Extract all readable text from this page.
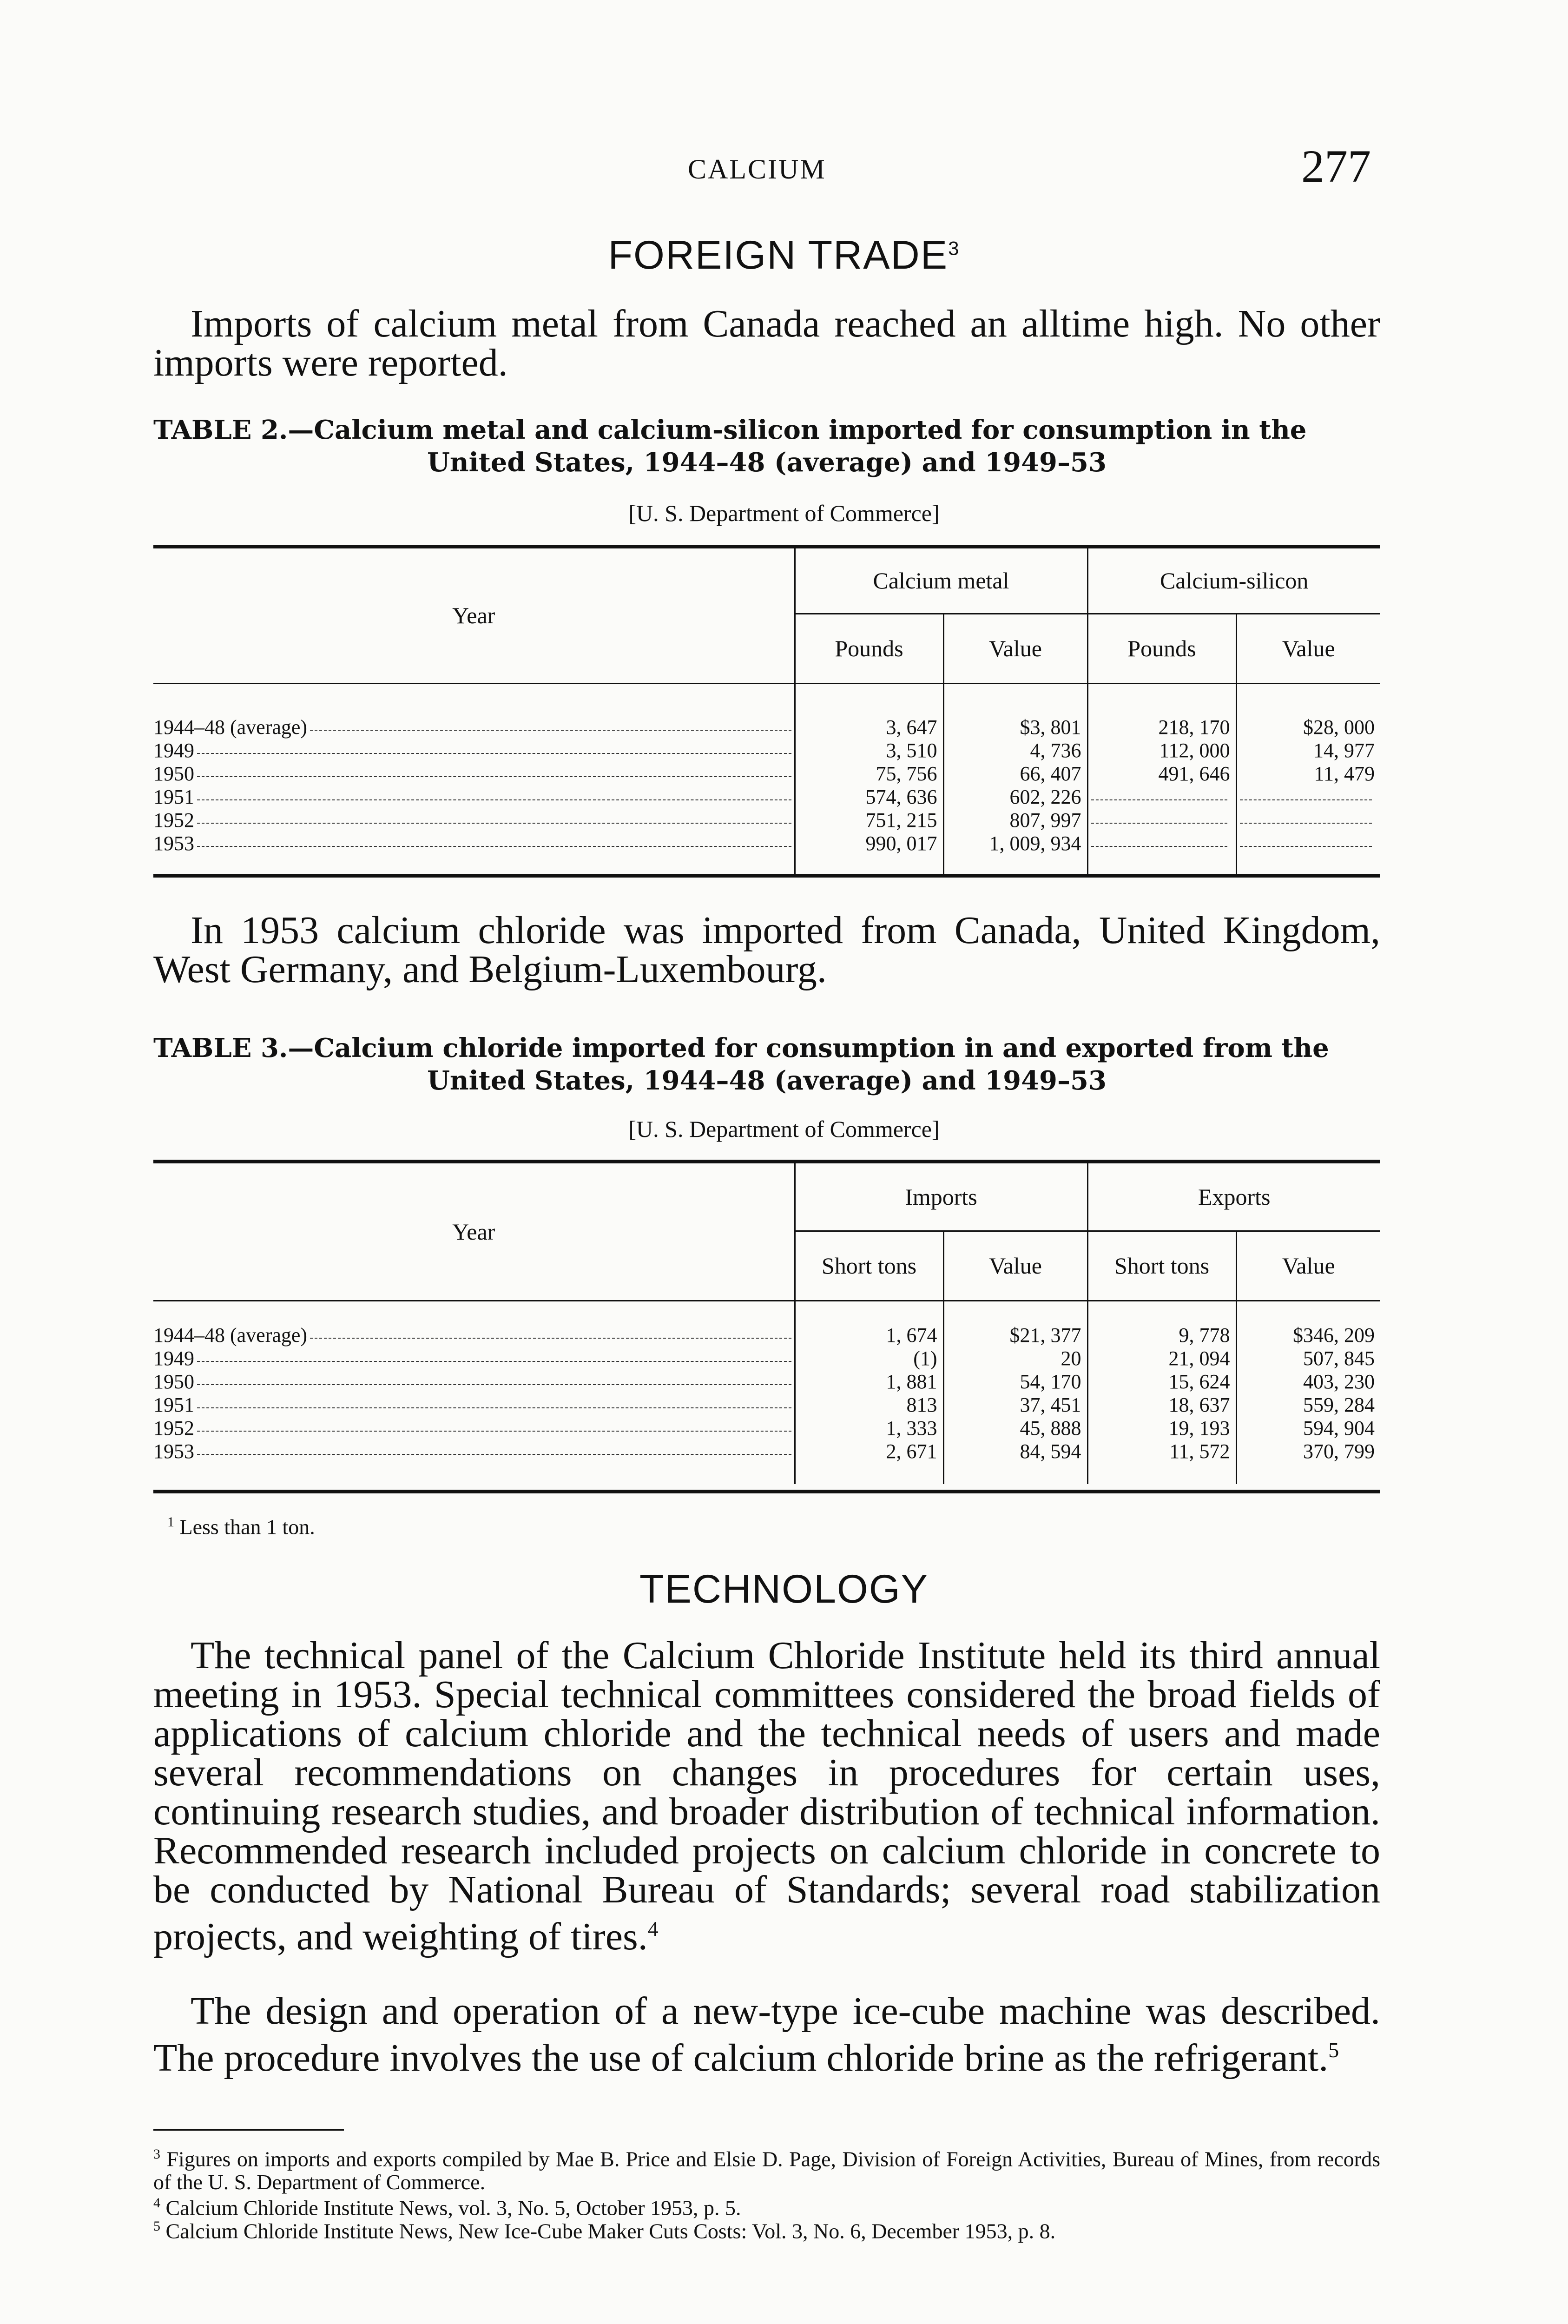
CALCIUM	277
FOREIGN TRADE$^3$
Imports of calcium metal from Canada reached an alltime high. No other imports were reported.
TABLE 2.—Calcium metal and calcium-silicon imported for consumption in the
United States, 1944–48 (average) and 1949–53
[U. S. Department of Commerce]
Year	Calcium metal		Calcium-silicon	
	Pounds	Value	Pounds	Value

1944–48 (average)	3, 647	$3, 801	218, 170	$28, 000

1949	3, 510	4, 736	112, 000	14, 977

1950	75, 756	66, 407	491, 646	11, 479

1951	574, 636	602, 226	

1952	751, 215	807, 997	

1953	990, 017	1, 009, 934	

In 1953 calcium chloride was imported from Canada, United Kingdom, West Germany, and Belgium-Luxembourg.
TABLE 3.—Calcium chloride imported for consumption in and exported from the
United States, 1944–48 (average) and 1949–53
[U. S. Department of Commerce]
Year	Imports		Exports	
	Short tons	Value	Short tons	Value

1944–48 (average)	1, 674	$21, 377	9, 778	$346, 209

1949	(1)	20	21, 094	507, 845

1950	1, 881	54, 170	15, 624	403, 230

1951	813	37, 451	18, 637	559, 284

1952	1, 333	45, 888	19, 193	594, 904

1953	2, 671	84, 594	11, 572	370, 799

$^1$ Less than 1 ton.
TECHNOLOGY
The technical panel of the Calcium Chloride Institute held its third annual meeting in 1953. Special technical committees considered the broad fields of applications of calcium chloride and the technical needs of users and made several recommendations on changes in procedures for certain uses, continuing research studies, and broader distribution of technical information. Recommended research included projects on calcium chloride in concrete to be conducted by National Bureau of Standards; several road stabilization projects, and weighting of tires.$^4$
The design and operation of a new-type ice-cube machine was described. The procedure involves the use of calcium chloride brine as the refrigerant.$^5$
$^3$ Figures on imports and exports compiled by Mae B. Price and Elsie D. Page, Division of Foreign Activities, Bureau of Mines, from records of the U. S. Department of Commerce.
$^4$ Calcium Chloride Institute News, vol. 3, No. 5, October 1953, p. 5.
$^5$ Calcium Chloride Institute News, New Ice-Cube Maker Cuts Costs: Vol. 3, No. 6, December 1953, p. 8.
